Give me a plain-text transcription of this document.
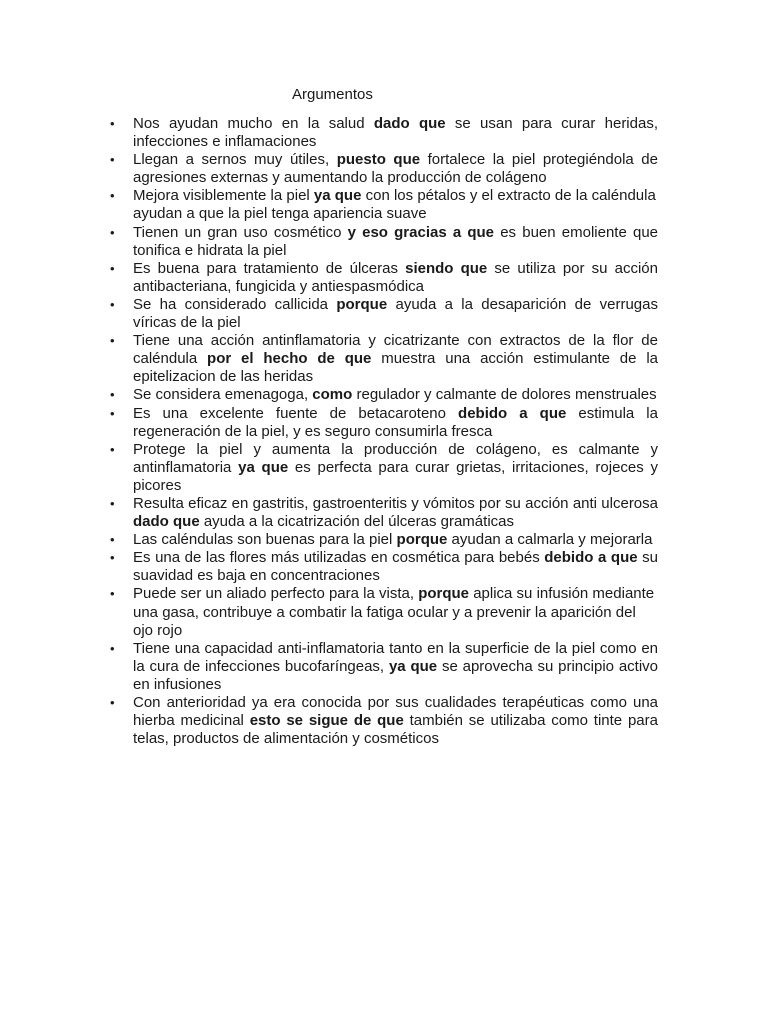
Argumentos
• Nos ayudan mucho en la salud dado que se usan para curar heridas, infecciones e inflamaciones
• Llegan a sernos muy útiles, puesto que fortalece la piel protegiéndola de agresiones externas y aumentando la producción de colágeno
• Mejora visiblemente la piel ya que con los pétalos y el extracto de la caléndula ayudan a que la piel tenga apariencia suave
• Tienen un gran uso cosmético y eso gracias a que es buen emoliente que tonifica e hidrata la piel
• Es buena para tratamiento de úlceras siendo que se utiliza por su acción antibacteriana, fungicida y antiespasmódica
• Se ha considerado callicida porque ayuda a la desaparición de verrugas víricas de la piel
• Tiene una acción antinflamatoria y cicatrizante con extractos de la flor de caléndula por el hecho de que muestra una acción estimulante de la epitelizacion de las heridas
• Se considera emenagoga, como regulador y calmante de dolores menstruales
• Es una excelente fuente de betacaroteno debido a que estimula la regeneración de la piel, y es seguro consumirla fresca
• Protege la piel y aumenta la producción de colágeno, es calmante y antinflamatoria ya que es perfecta para curar grietas, irritaciones, rojeces y picores
• Resulta eficaz en gastritis, gastroenteritis y vómitos por su acción anti ulcerosa dado que ayuda a la cicatrización del úlceras gramáticas
• Las caléndulas son buenas para la piel porque ayudan a calmarla y mejorarla
• Es una de las flores más utilizadas en cosmética para bebés debido a que su suavidad es baja en concentraciones
• Puede ser un aliado perfecto para la vista, porque aplica su infusión mediante una gasa, contribuye a combatir la fatiga ocular y a prevenir la aparición del ojo rojo
• Tiene una capacidad anti-inflamatoria tanto en la superficie de la piel como en la cura de infecciones bucofaríngeas, ya que se aprovecha su principio activo en infusiones
• Con anterioridad ya era conocida por sus cualidades terapéuticas como una hierba medicinal esto se sigue de que también se utilizaba como tinte para telas, productos de alimentación y cosméticos
